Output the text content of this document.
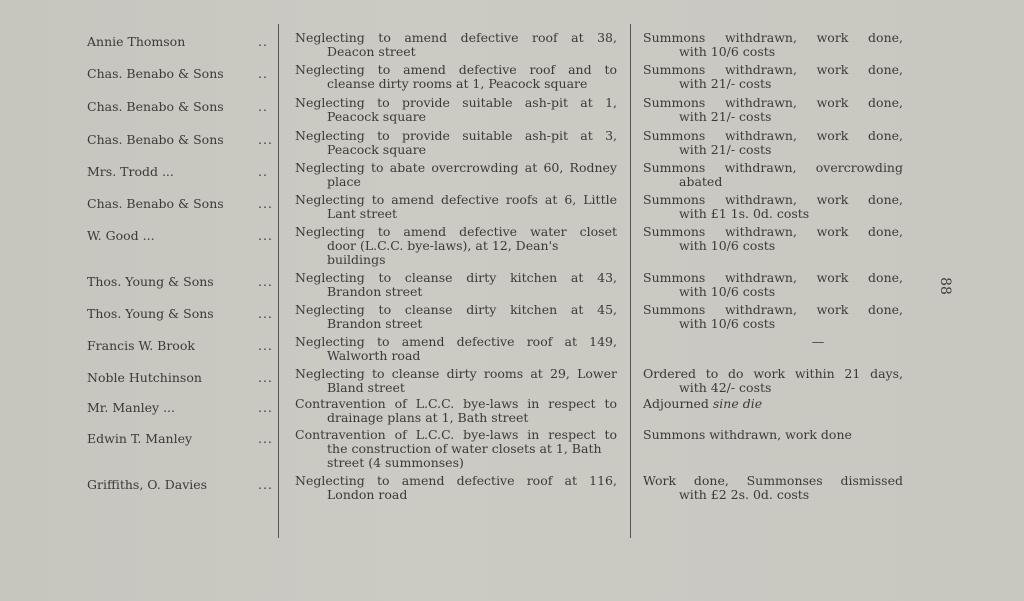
88
Annie Thomson	..	Neglecting to amend defective roof at 38,
Deacon street
Summons withdrawn, work done,
with 10/6 costs
Chas. Benabo & Sons	..	Neglecting to amend defective roof and to
cleanse dirty rooms at 1, Peacock square
Summons withdrawn, work done,
with 21/- costs
Chas. Benabo & Sons	..	Neglecting to provide suitable ash-pit at 1,
Peacock square
Summons withdrawn, work done,
with 21/- costs
Chas. Benabo & Sons	...	Neglecting to provide suitable ash-pit at 3,
Peacock square
Summons withdrawn, work done,
with 21/- costs
Mrs. Trodd ...	..	Neglecting to abate overcrowding at 60, Rodney
place
Summons withdrawn, overcrowding
abated
Chas. Benabo & Sons	...	Neglecting to amend defective roofs at 6, Little
Lant street
Summons withdrawn, work done,
with £1 1s. 0d. costs
W. Good ...	...	Neglecting to amend defective water closet
door (L.C.C. bye-laws), at 12, Dean's buildings
Summons withdrawn, work done,
with 10/6 costs
Thos. Young & Sons	...	Neglecting to cleanse dirty kitchen at 43,
Brandon street
Summons withdrawn, work done,
with 10/6 costs
Thos. Young & Sons	...	Neglecting to cleanse dirty kitchen at 45,
Brandon street
Summons withdrawn, work done,
with 10/6 costs
Francis W. Brook	...	Neglecting to amend defective roof at 149,
Walworth road
—
Noble Hutchinson	...	Neglecting to cleanse dirty rooms at 29, Lower
Bland street
Ordered to do work within 21 days,
with 42/- costs
Mr. Manley ...	...	Contravention of L.C.C. bye-laws in respect to
drainage plans at 1, Bath street
Adjourned sine die
Edwin T. Manley	...	Contravention of L.C.C. bye-laws in respect to
the construction of water closets at 1, Bath street (4 summonses)
Summons withdrawn, work done
Griffiths, O. Davies	...	Neglecting to amend defective roof at 116,
London road
Work done, Summonses dismissed
with £2 2s. 0d. costs
